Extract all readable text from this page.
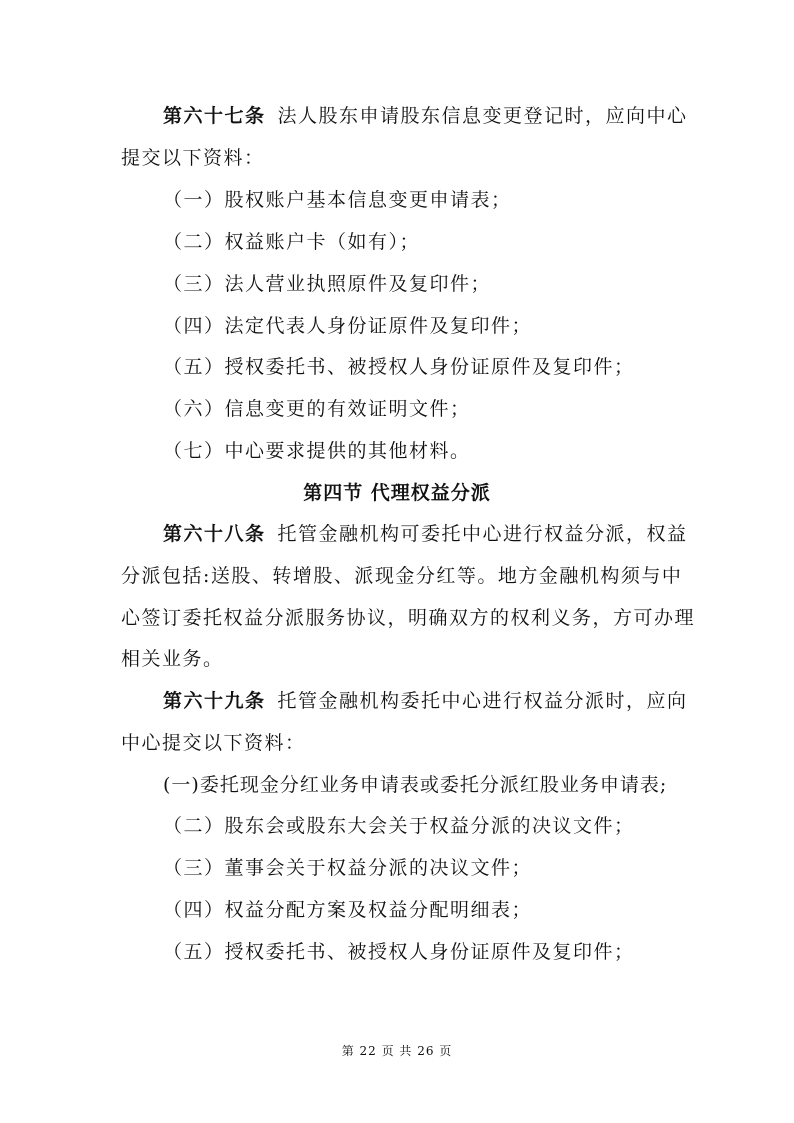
第六十七条 法人股东申请股东信息变更登记时，应向中心
提交以下资料：
（一）股权账户基本信息变更申请表；
（二）权益账户卡（如有）；
（三）法人营业执照原件及复印件；
（四）法定代表人身份证原件及复印件；
（五）授权委托书、被授权人身份证原件及复印件；
（六）信息变更的有效证明文件；
（七）中心要求提供的其他材料。
第四节 代理权益分派
第六十八条 托管金融机构可委托中心进行权益分派，权益
分派包括:送股、转增股、派现金分红等。地方金融机构须与中
心签订委托权益分派服务协议，明确双方的权利义务，方可办理
相关业务。
第六十九条 托管金融机构委托中心进行权益分派时，应向
中心提交以下资料：
(一)委托现金分红业务申请表或委托分派红股业务申请表;
（二）股东会或股东大会关于权益分派的决议文件；
（三）董事会关于权益分派的决议文件；
（四）权益分配方案及权益分配明细表；
（五）授权委托书、被授权人身份证原件及复印件；
第 22 页 共 26 页
